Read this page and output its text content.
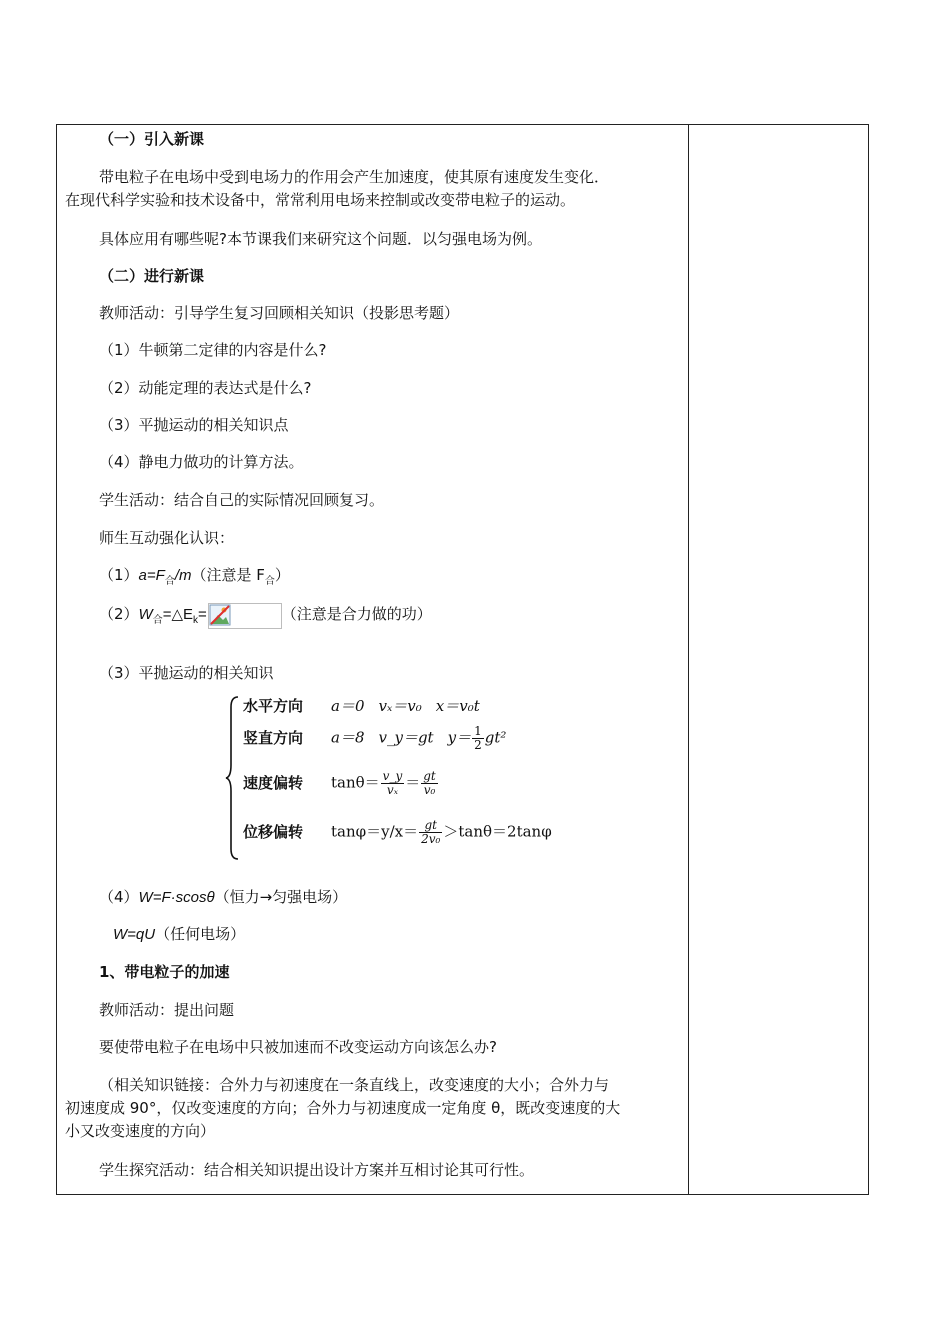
（一）引入新课
带电粒子在电场中受到电场力的作用会产生加速度，使其原有速度发生变化．
在现代科学实验和技术设备中，常常利用电场来控制或改变带电粒子的运动。
具体应用有哪些呢?本节课我们来研究这个问题．以匀强电场为例。
（二）进行新课
教师活动：引导学生复习回顾相关知识（投影思考题）
（1）牛顿第二定律的内容是什么?
（2）动能定理的表达式是什么?
（3）平抛运动的相关知识点
（4）静电力做功的计算方法。
学生活动：结合自己的实际情况回顾复习。
师生互动强化认识：
$(1)a=F_合/m$（注意是 $F_合$）
$(2)W_合=\triangle E_k=$	（注意是合力做的功）
（3）平抛运动的相关知识
水平方向 a＝0 vₓ＝v₀ x＝v₀t
竖直方向 a＝8 v_y＝gt $y= \frac{1}{2} gt^2$
速度偏转 $\tan\theta= \frac{v\_y}{\text{vₓ}} = \frac{gt}{\text{v₀}}$
位移偏转 $\tan\varphi=y/x= \frac{gt}{\text{2v₀}} >\tan\theta=2\tan\varphi$
（4）W=F·scosθ（恒力→匀强电场）
W=qU（任何电场）
1、带电粒子的加速
教师活动：提出问题
要使带电粒子在电场中只被加速而不改变运动方向该怎么办?
（相关知识链接：合外力与初速度在一条直线上，改变速度的大小；合外力与
初速度成 90°，仅改变速度的方向；合外力与初速度成一定角度 θ，既改变速度的大
小又改变速度的方向）
学生探究活动：结合相关知识提出设计方案并互相讨论其可行性。
